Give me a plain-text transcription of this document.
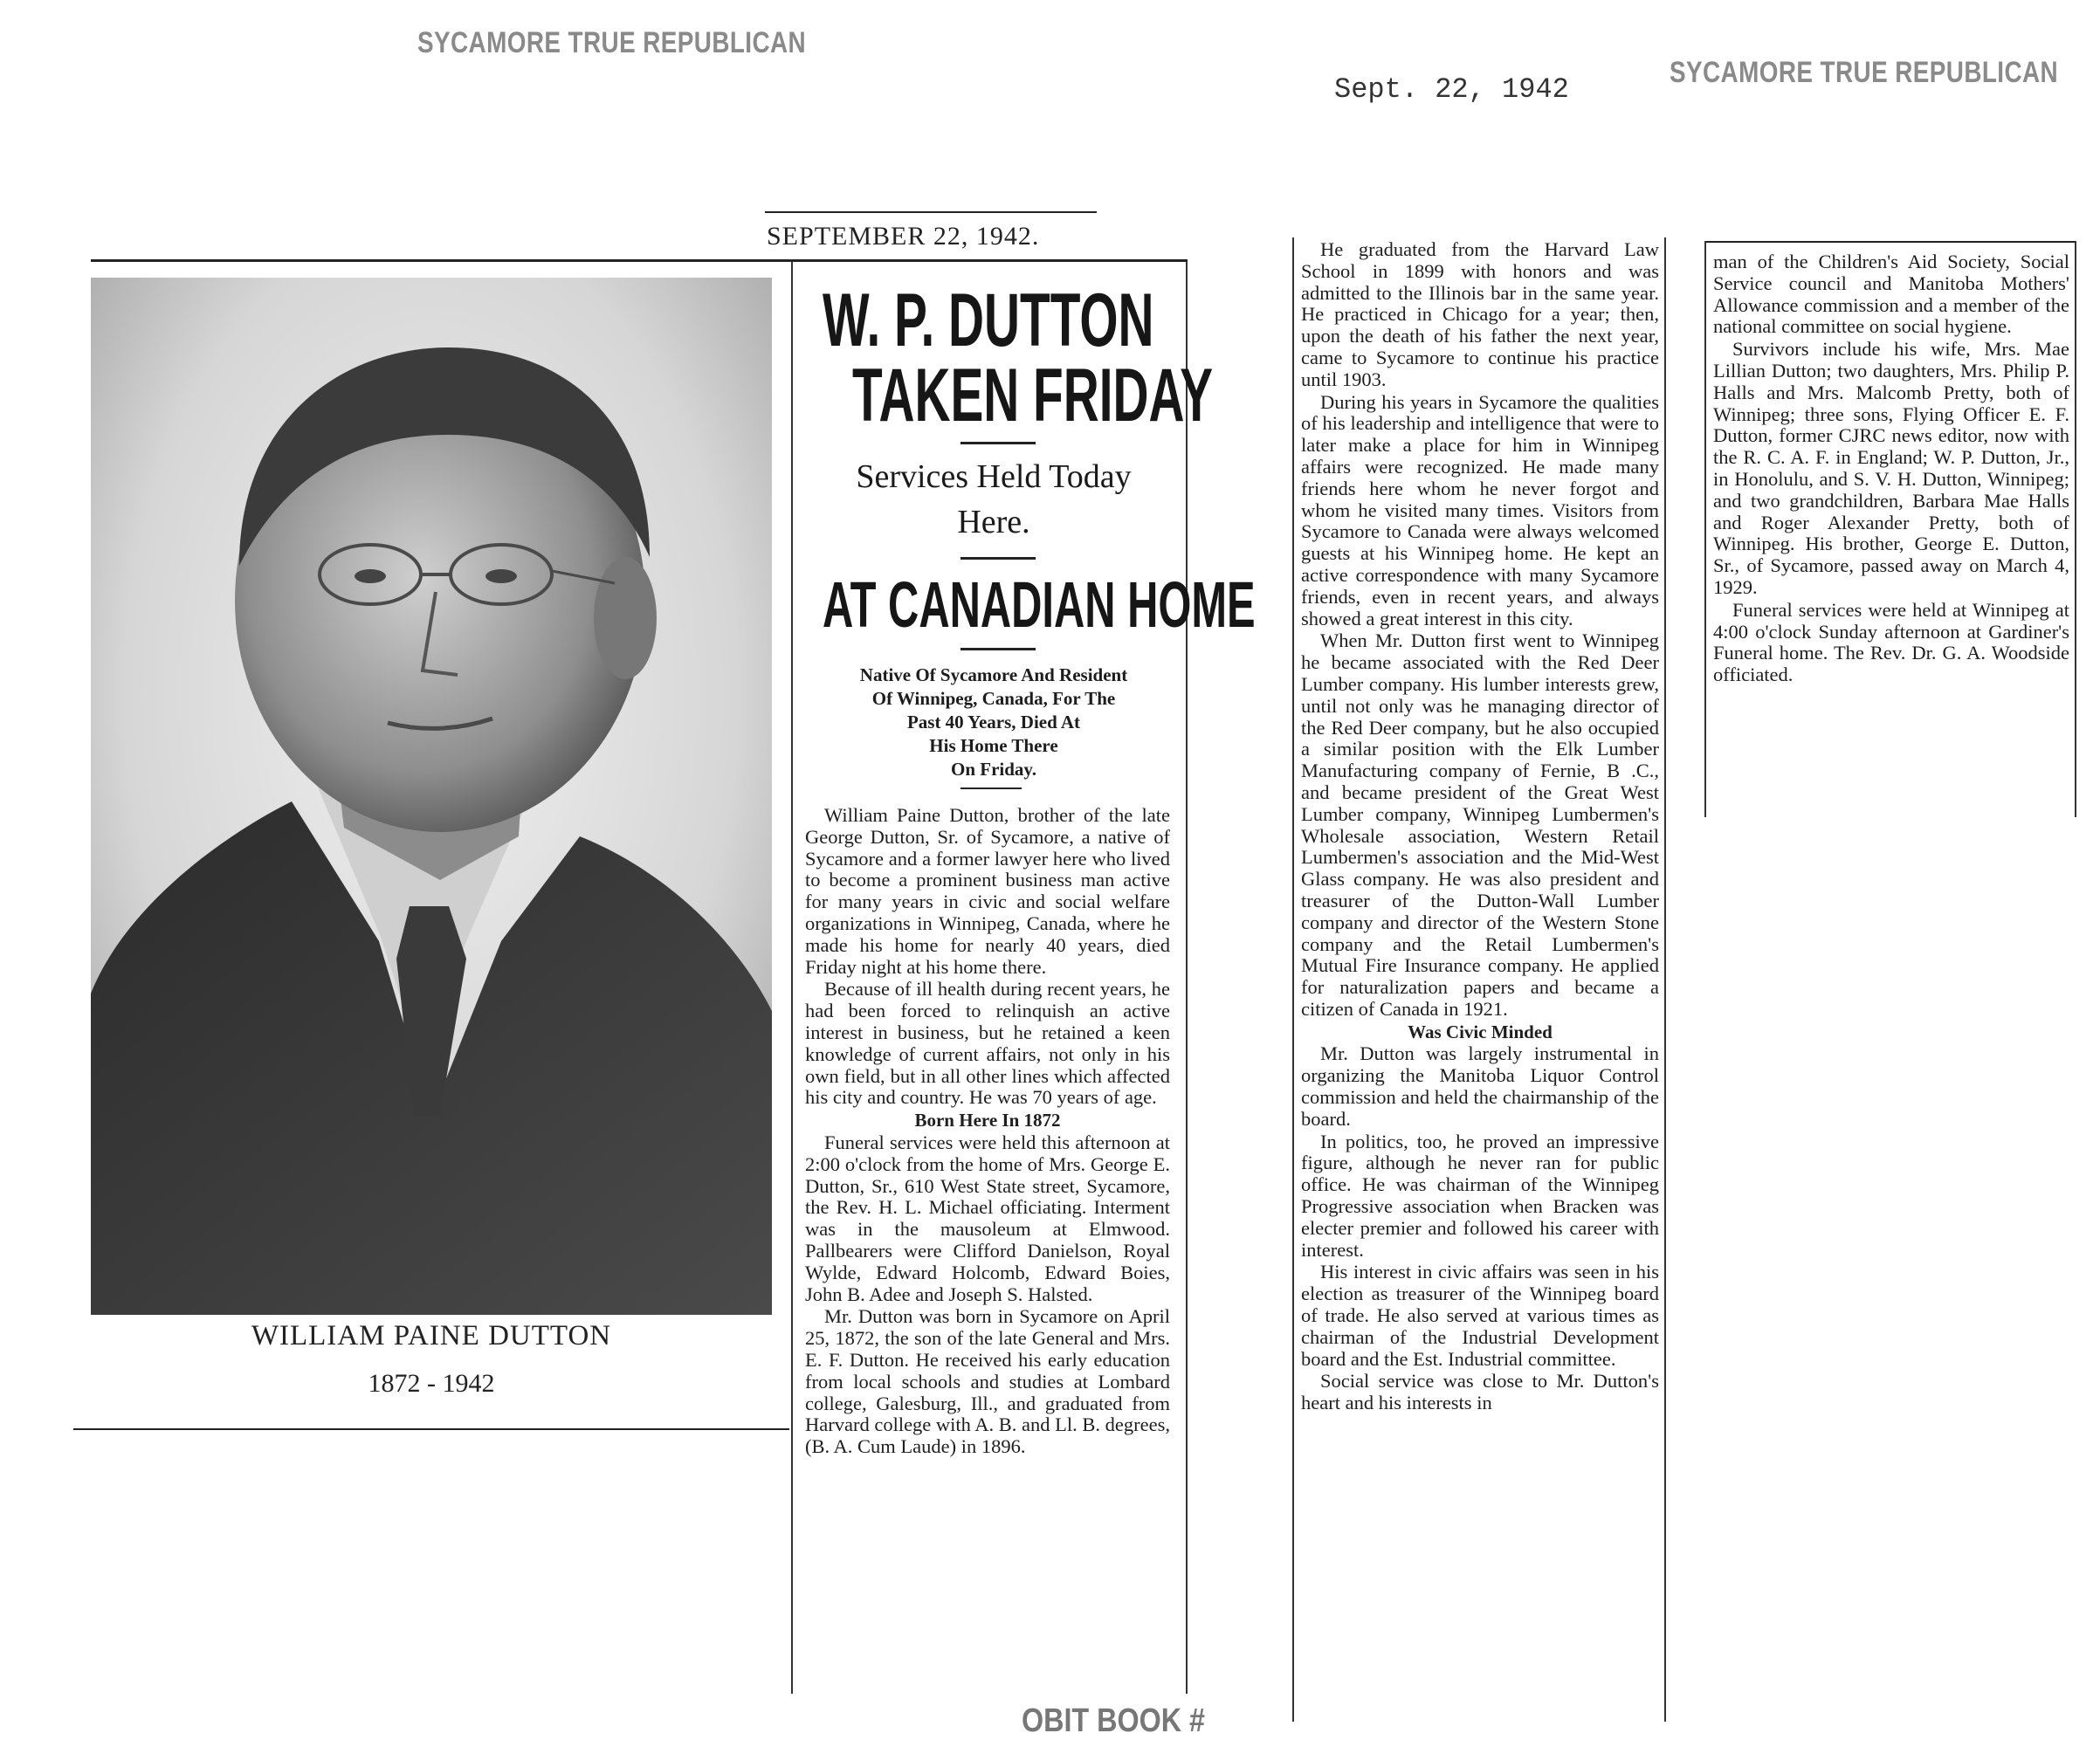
SYCAMORE TRUE REPUBLICAN
Sept. 22, 1942
SYCAMORE TRUE REPUBLICAN
SEPTEMBER 22, 1942.
WILLIAM PAINE DUTTON
1872 - 1942
W. P. DUTTON
TAKEN FRIDAY
Services Held Today
Here.
AT CANADIAN HOME
Native Of Sycamore And Resident
Of Winnipeg, Canada, For The
Past 40 Years, Died At
His Home There
On Friday.

William Paine Dutton, brother of the late George Dutton, Sr. of Sycamore, a native of Sycamore and a former lawyer here who lived to become a prominent business man active for many years in civic and social welfare organizations in Winnipeg, Canada, where he made his home for nearly 40 years, died Friday night at his home there.

Because of ill health during recent years, he had been forced to relinquish an active interest in business, but he retained a keen knowledge of current affairs, not only in his own field, but in all other lines which affected his city and country. He was 70 years of age.

Born Here In 1872

Funeral services were held this afternoon at 2:00 o'clock from the home of Mrs. George E. Dutton, Sr., 610 West State street, Sycamore, the Rev. H. L. Michael officiating. Interment was in the mausoleum at Elmwood. Pallbearers were Clifford Danielson, Royal Wylde, Edward Holcomb, Edward Boies, John B. Adee and Joseph S. Halsted.

Mr. Dutton was born in Sycamore on April 25, 1872, the son of the late General and Mrs. E. F. Dutton. He received his early education from local schools and studies at Lombard college, Galesburg, Ill., and graduated from Harvard college with A. B. and Ll. B. degrees, (B. A. Cum Laude) in 1896.

He graduated from the Harvard Law School in 1899 with honors and was admitted to the Illinois bar in the same year. He practiced in Chicago for a year; then, upon the death of his father the next year, came to Sycamore to continue his practice until 1903.

During his years in Sycamore the qualities of his leadership and intelligence that were to later make a place for him in Winnipeg affairs were recognized. He made many friends here whom he never forgot and whom he visited many times. Visitors from Sycamore to Canada were always welcomed guests at his Winnipeg home. He kept an active correspondence with many Sycamore friends, even in recent years, and always showed a great interest in this city.

When Mr. Dutton first went to Winnipeg he became associated with the Red Deer Lumber company. His lumber interests grew, until not only was he managing director of the Red Deer company, but he also occupied a similar position with the Elk Lumber Manufacturing company of Fernie, B .C., and became president of the Great West Lumber company, Winnipeg Lumbermen's Wholesale association, Western Retail Lumbermen's association and the Mid-West Glass company. He was also president and treasurer of the Dutton-Wall Lumber company and director of the Western Stone company and the Retail Lumbermen's Mutual Fire Insurance company. He applied for naturalization papers and became a citizen of Canada in 1921.

Was Civic Minded

Mr. Dutton was largely instrumental in organizing the Manitoba Liquor Control commission and held the chairmanship of the board.

In politics, too, he proved an impressive figure, although he never ran for public office. He was chairman of the Winnipeg Progressive association when Bracken was electer premier and followed his career with interest.

His interest in civic affairs was seen in his election as treasurer of the Winnipeg board of trade. He also served at various times as chairman of the Industrial Development board and the Est. Industrial committee.

Social service was close to Mr. Dutton's heart and his interests in

man of the Children's Aid Society, Social Service council and Manitoba Mothers' Allowance commission and a member of the national committee on social hygiene.

Survivors include his wife, Mrs. Mae Lillian Dutton; two daughters, Mrs. Philip P. Halls and Mrs. Malcomb Pretty, both of Winnipeg; three sons, Flying Officer E. F. Dutton, former CJRC news editor, now with the R. C. A. F. in England; W. P. Dutton, Jr., in Honolulu, and S. V. H. Dutton, Winnipeg; and two grandchildren, Barbara Mae Halls and Roger Alexander Pretty, both of Winnipeg. His brother, George E. Dutton, Sr., of Sycamore, passed away on March 4, 1929.

Funeral services were held at Winnipeg at 4:00 o'clock Sunday afternoon at Gardiner's Funeral home. The Rev. Dr. G. A. Woodside officiated.

OBIT BOOK #
